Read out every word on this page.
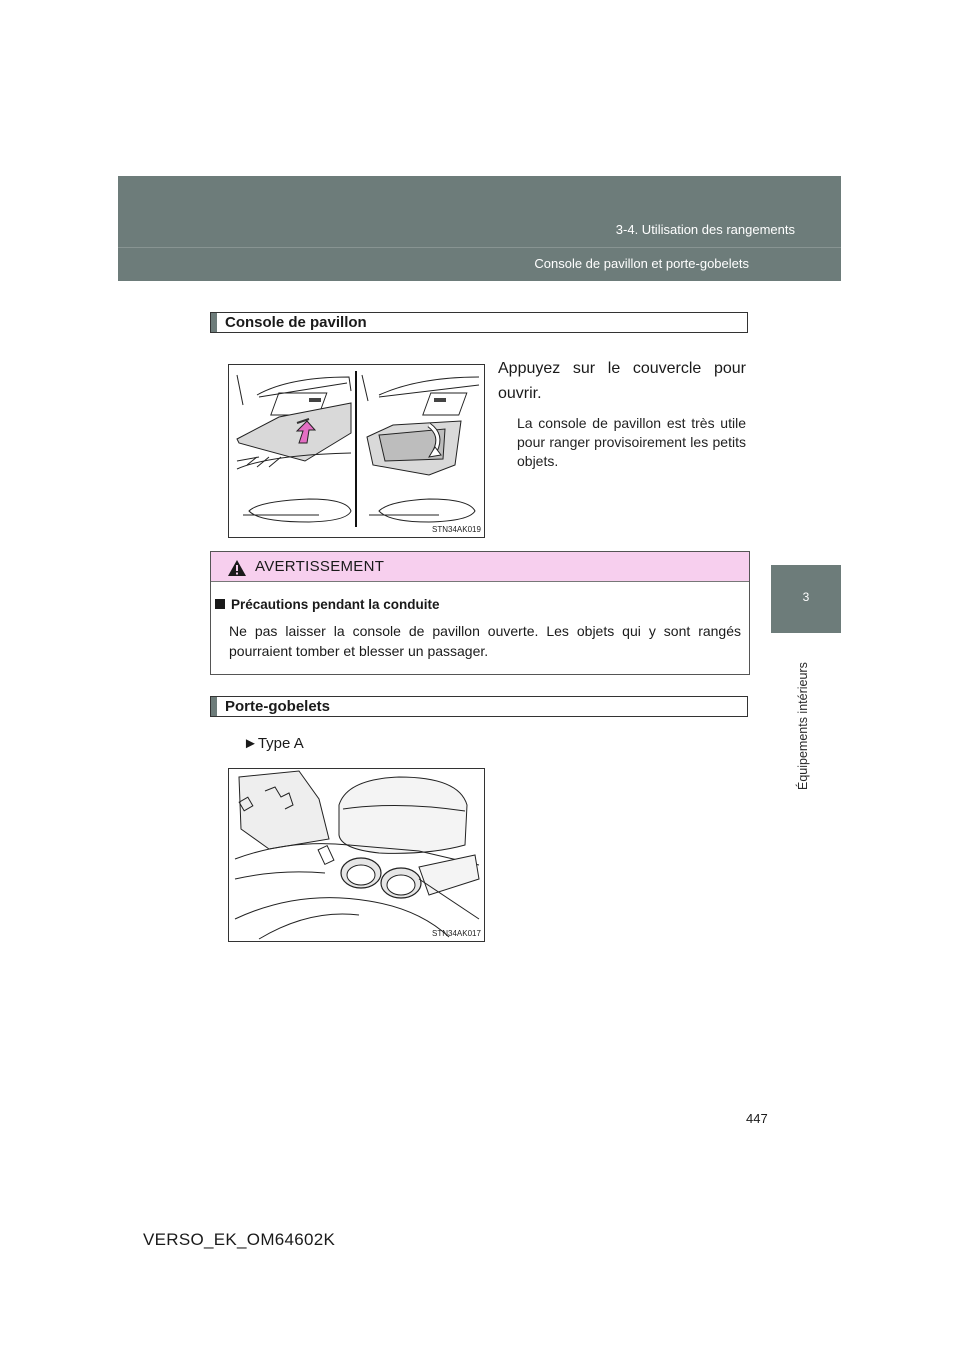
3-4. Utilisation des rangements
Console de pavillon et porte-gobelets
3
Équipements intérieurs
Console de pavillon
STN34AK019
Appuyez sur le couvercle pour ouvrir.
La console de pavillon est très utile pour ranger provisoirement les petits objets.
AVERTISSEMENT
Précautions pendant la conduite
Ne pas laisser la console de pavillon ouverte. Les objets qui y sont rangés pourraient tomber et blesser un passager.
Porte-gobelets
►Type A
STN34AK017
447
VERSO_EK_OM64602K
